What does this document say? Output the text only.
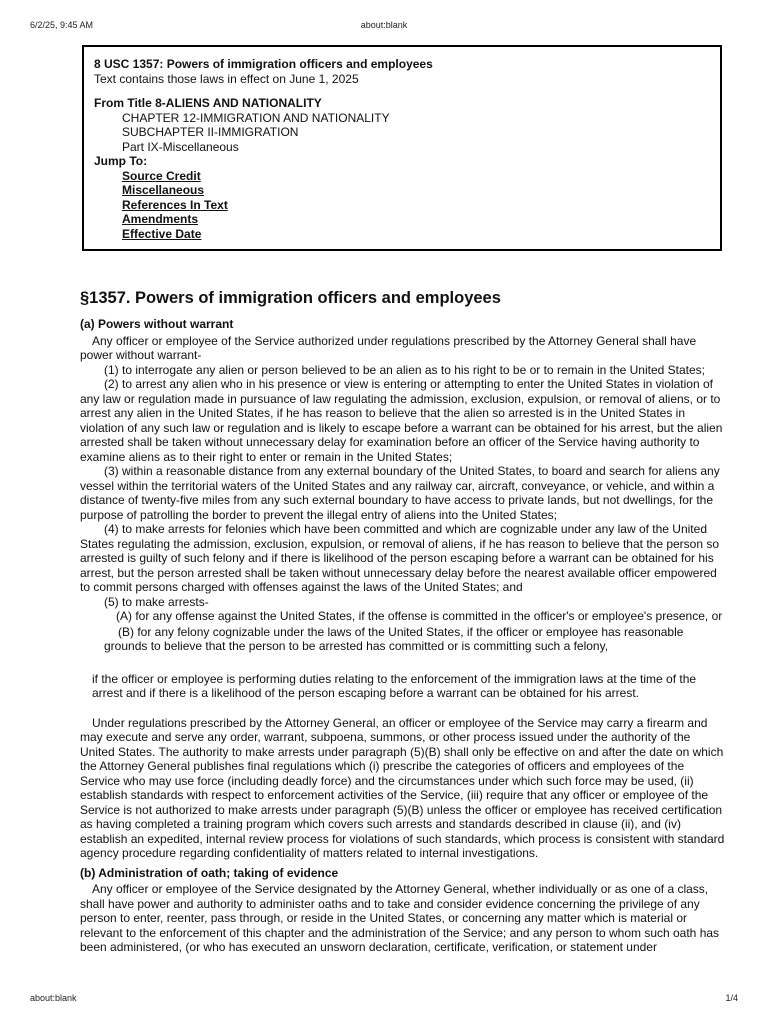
6/2/25, 9:45 AM	about:blank
8 USC 1357: Powers of immigration officers and employees
Text contains those laws in effect on June 1, 2025
From Title 8-ALIENS AND NATIONALITY
CHAPTER 12-IMMIGRATION AND NATIONALITY
SUBCHAPTER II-IMMIGRATION
Part IX-Miscellaneous
Jump To:
Source Credit
Miscellaneous
References In Text
Amendments
Effective Date
§1357. Powers of immigration officers and employees
(a) Powers without warrant

Any officer or employee of the Service authorized under regulations prescribed by the Attorney General shall have power without warrant-

(1) to interrogate any alien or person believed to be an alien as to his right to be or to remain in the United States;

(2) to arrest any alien who in his presence or view is entering or attempting to enter the United States in violation of any law or regulation made in pursuance of law regulating the admission, exclusion, expulsion, or removal of aliens, or to arrest any alien in the United States, if he has reason to believe that the alien so arrested is in the United States in violation of any such law or regulation and is likely to escape before a warrant can be obtained for his arrest, but the alien arrested shall be taken without unnecessary delay for examination before an officer of the Service having authority to examine aliens as to their right to enter or remain in the United States;

(3) within a reasonable distance from any external boundary of the United States, to board and search for aliens any vessel within the territorial waters of the United States and any railway car, aircraft, conveyance, or vehicle, and within a distance of twenty-five miles from any such external boundary to have access to private lands, but not dwellings, for the purpose of patrolling the border to prevent the illegal entry of aliens into the United States;

(4) to make arrests for felonies which have been committed and which are cognizable under any law of the United States regulating the admission, exclusion, expulsion, or removal of aliens, if he has reason to believe that the person so arrested is guilty of such felony and if there is likelihood of the person escaping before a warrant can be obtained for his arrest, but the person arrested shall be taken without unnecessary delay before the nearest available officer empowered to commit persons charged with offenses against the laws of the United States; and

(5) to make arrests-

(A) for any offense against the United States, if the offense is committed in the officer's or employee's presence, or

(B) for any felony cognizable under the laws of the United States, if the officer or employee has reasonable grounds to believe that the person to be arrested has committed or is committing such a felony,

if the officer or employee is performing duties relating to the enforcement of the immigration laws at the time of the arrest and if there is a likelihood of the person escaping before a warrant can be obtained for his arrest.

Under regulations prescribed by the Attorney General, an officer or employee of the Service may carry a firearm and may execute and serve any order, warrant, subpoena, summons, or other process issued under the authority of the United States. The authority to make arrests under paragraph (5)(B) shall only be effective on and after the date on which the Attorney General publishes final regulations which (i) prescribe the categories of officers and employees of the Service who may use force (including deadly force) and the circumstances under which such force may be used, (ii) establish standards with respect to enforcement activities of the Service, (iii) require that any officer or employee of the Service is not authorized to make arrests under paragraph (5)(B) unless the officer or employee has received certification as having completed a training program which covers such arrests and standards described in clause (ii), and (iv) establish an expedited, internal review process for violations of such standards, which process is consistent with standard agency procedure regarding confidentiality of matters related to internal investigations.

(b) Administration of oath; taking of evidence

Any officer or employee of the Service designated by the Attorney General, whether individually or as one of a class, shall have power and authority to administer oaths and to take and consider evidence concerning the privilege of any person to enter, reenter, pass through, or reside in the United States, or concerning any matter which is material or relevant to the enforcement of this chapter and the administration of the Service; and any person to whom such oath has been administered, (or who has executed an unsworn declaration, certificate, verification, or statement under

about:blank	1/4
